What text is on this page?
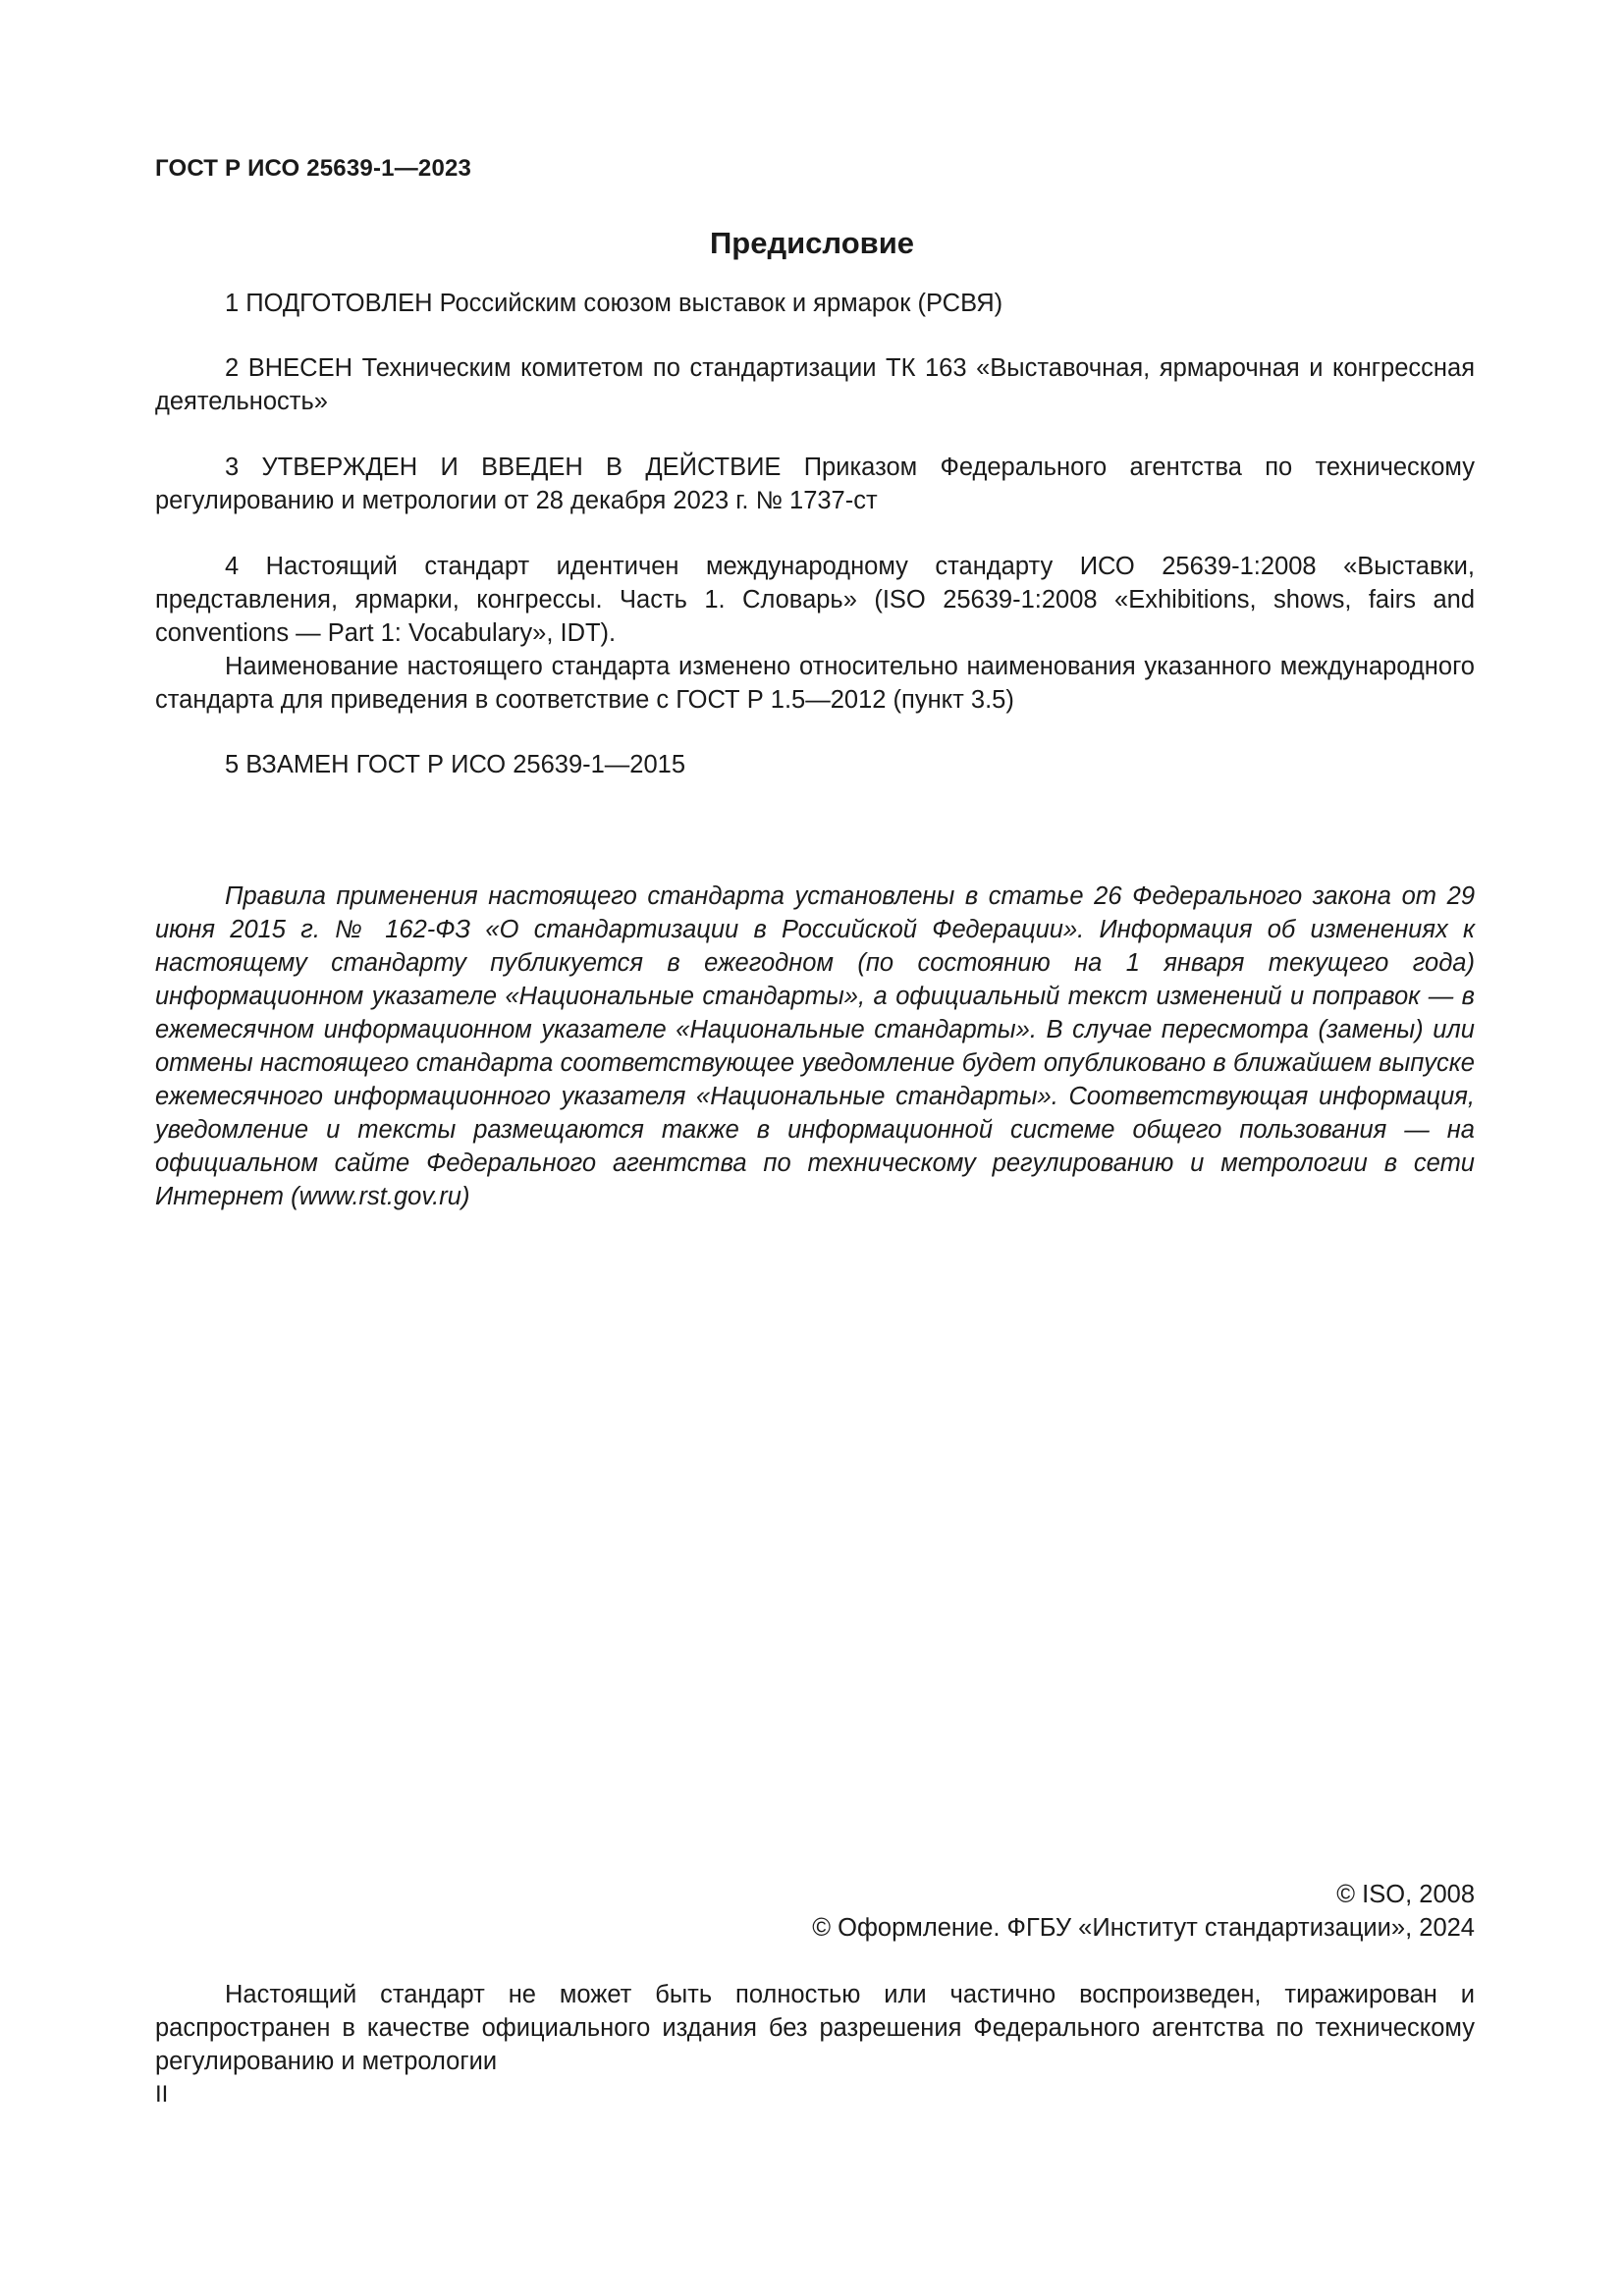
ГОСТ Р ИСО 25639-1—2023
Предисловие

1 ПОДГОТОВЛЕН Российским союзом выставок и ярмарок (РСВЯ)

2 ВНЕСЕН Техническим комитетом по стандартизации ТК 163 «Выставочная, ярмарочная и конгрессная деятельность»

3 УТВЕРЖДЕН И ВВЕДЕН В ДЕЙСТВИЕ Приказом Федерального агентства по техническому регулированию и метрологии от 28 декабря 2023 г. № 1737-ст

4 Настоящий стандарт идентичен международному стандарту ИСО 25639-1:2008 «Выставки, представления, ярмарки, конгрессы. Часть 1. Словарь» (ISO 25639-1:2008 «Exhibitions, shows, fairs and conventions — Part 1: Vocabulary», IDT).

Наименование настоящего стандарта изменено относительно наименования указанного международного стандарта для приведения в соответствие с ГОСТ Р 1.5—2012 (пункт 3.5)

5 ВЗАМЕН ГОСТ Р ИСО 25639-1—2015

Правила применения настоящего стандарта установлены в статье 26 Федерального закона от 29 июня 2015 г. № 162-ФЗ «О стандартизации в Российской Федерации». Информация об изменениях к настоящему стандарту публикуется в ежегодном (по состоянию на 1 января текущего года) информационном указателе «Национальные стандарты», а официальный текст изменений и поправок — в ежемесячном информационном указателе «Национальные стандарты». В случае пересмотра (замены) или отмены настоящего стандарта соответствующее уведомление будет опубликовано в ближайшем выпуске ежемесячного информационного указателя «Национальные стандарты». Соответствующая информация, уведомление и тексты размещаются также в информационной системе общего пользования — на официальном сайте Федерального агентства по техническому регулированию и метрологии в сети Интернет (www.rst.gov.ru)

© ISO, 2008
© Оформление. ФГБУ «Институт стандартизации», 2024

Настоящий стандарт не может быть полностью или частично воспроизведен, тиражирован и распространен в качестве официального издания без разрешения Федерального агентства по техническому регулированию и метрологии

II
